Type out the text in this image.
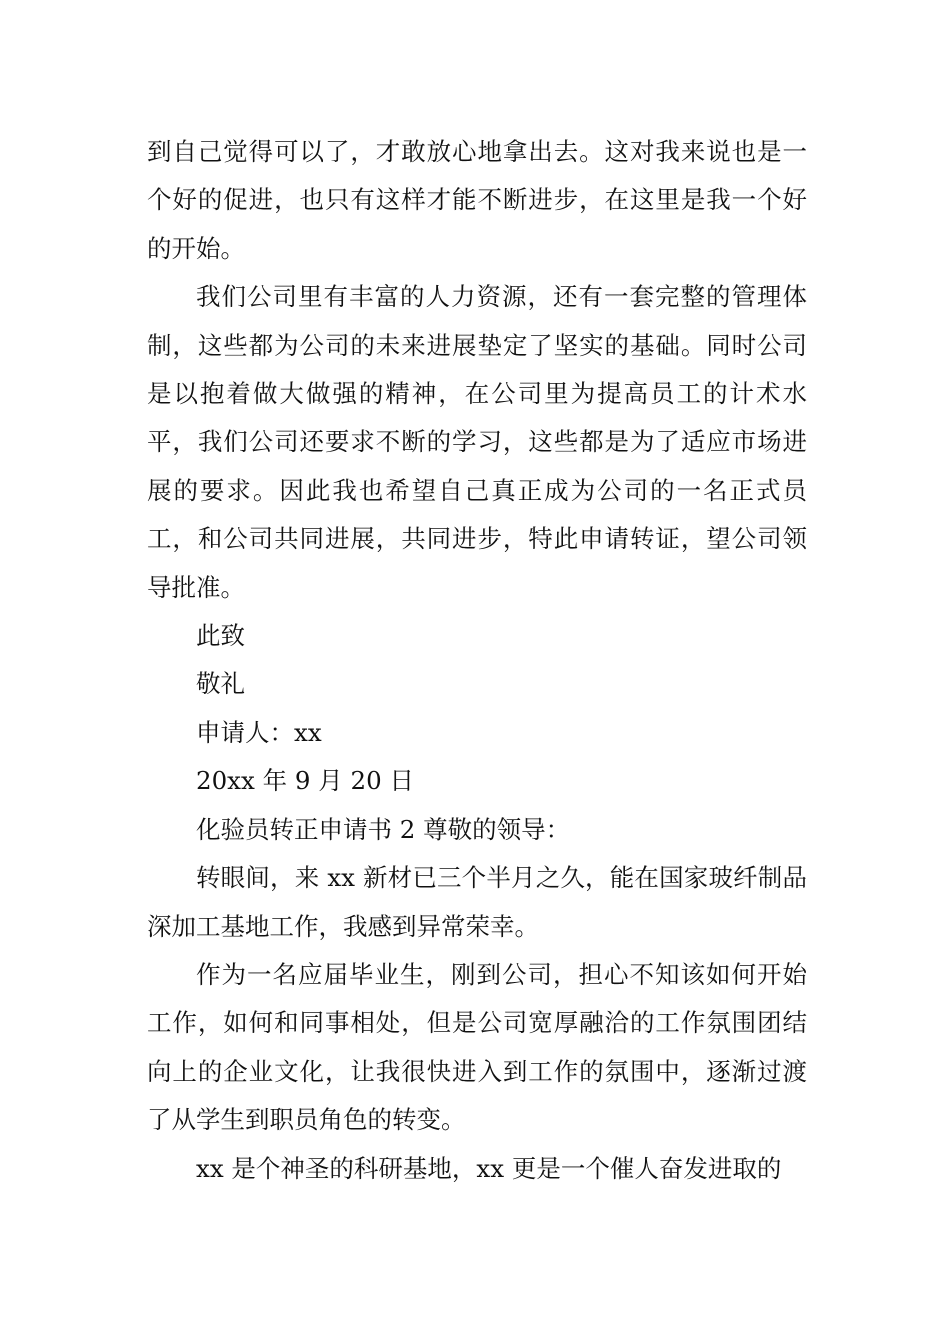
到自己觉得可以了，才敢放心地拿出去。这对我来说也是一个好的促进，也只有这样才能不断进步，在这里是我一个好的开始。

我们公司里有丰富的人力资源，还有一套完整的管理体制，这些都为公司的未来进展垫定了坚实的基础。同时公司是以抱着做大做强的精神，在公司里为提高员工的计术水平，我们公司还要求不断的学习，这些都是为了适应市场进展的要求。因此我也希望自己真正成为公司的一名正式员工，和公司共同进展，共同进步，特此申请转证，望公司领导批准。

此致

敬礼

申请人：xx

20xx 年 9 月 20 日

化验员转正申请书 2 尊敬的领导：

转眼间，来 xx 新材已三个半月之久，能在国家玻纤制品深加工基地工作，我感到异常荣幸。

作为一名应届毕业生，刚到公司，担心不知该如何开始工作，如何和同事相处，但是公司宽厚融洽的工作氛围团结向上的企业文化，让我很快进入到工作的氛围中，逐渐过渡了从学生到职员角色的转变。

xx 是个神圣的科研基地，xx 更是一个催人奋发进取的
